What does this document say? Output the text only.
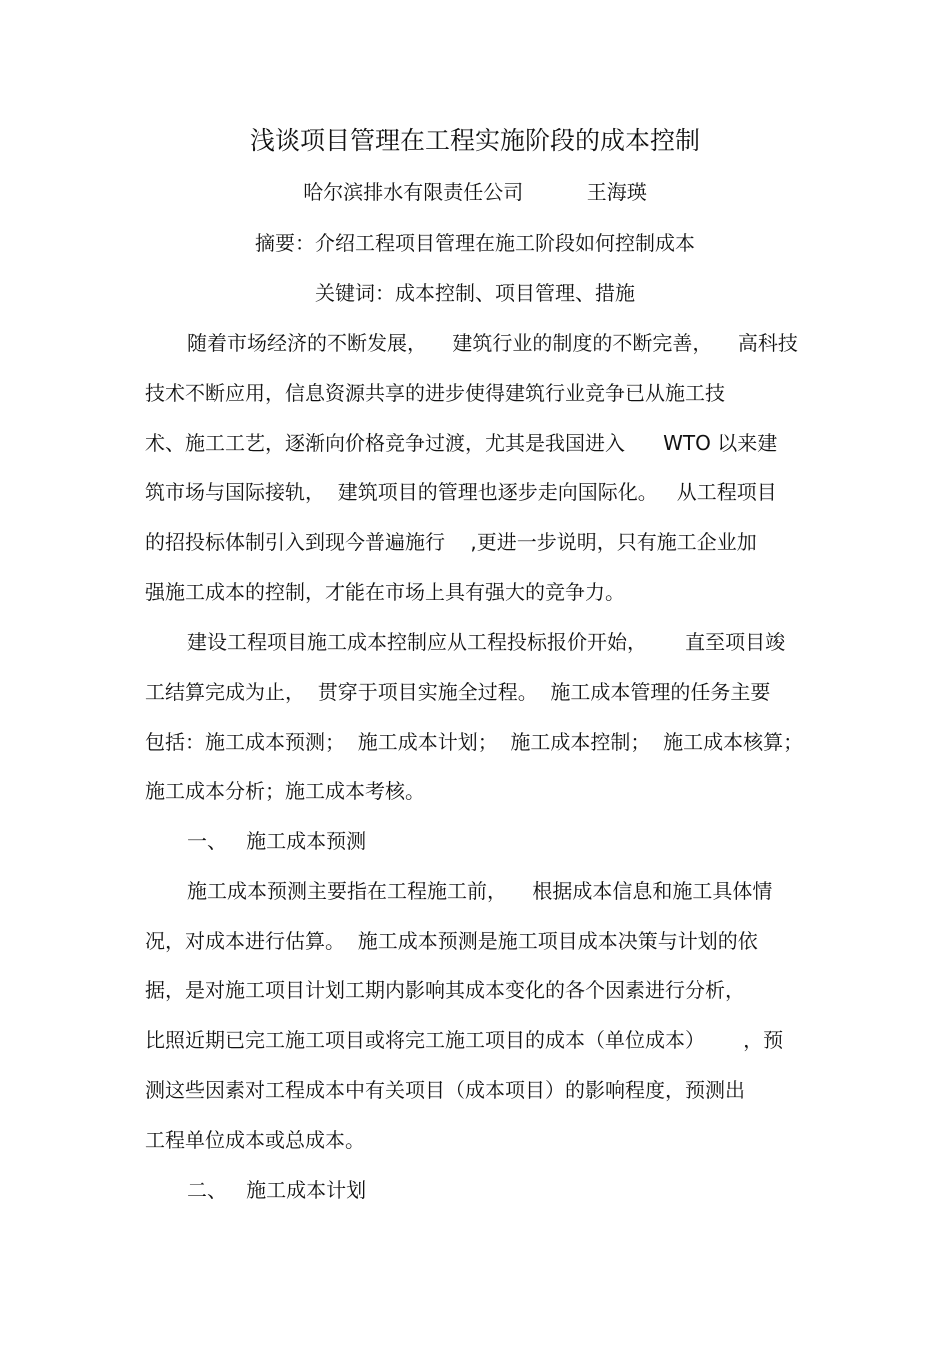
浅谈项目管理在工程实施阶段的成本控制
哈尔滨排水有限责任公司          王海瑛
摘要：介绍工程项目管理在施工阶段如何控制成本
关键词：成本控制、项目管理、措施
随着市场经济的不断发展，    建筑行业的制度的不断完善，    高科技
技术不断应用，信息资源共享的进步使得建筑行业竞争已从施工技
术、施工工艺，逐渐向价格竞争过渡，尤其是我国进入      WTO 以来建
筑市场与国际接轨，  建筑项目的管理也逐步走向国际化。   从工程项目
的招投标体制引入到现今普遍施行    ,更进一步说明，只有施工企业加
强施工成本的控制，才能在市场上具有强大的竞争力。
建设工程项目施工成本控制应从工程投标报价开始，      直至项目竣
工结算完成为止，  贯穿于项目实施全过程。  施工成本管理的任务主要
包括：施工成本预测；  施工成本计划；  施工成本控制；  施工成本核算；
施工成本分析；施工成本考核。
一、   施工成本预测
施工成本预测主要指在工程施工前，    根据成本信息和施工具体情
况，对成本进行估算。  施工成本预测是施工项目成本决策与计划的依
据，是对施工项目计划工期内影响其成本变化的各个因素进行分析，
比照近期已完工施工项目或将完工施工项目的成本（单位成本）      ，预
测这些因素对工程成本中有关项目（成本项目）的影响程度，预测出
工程单位成本或总成本。
二、   施工成本计划
